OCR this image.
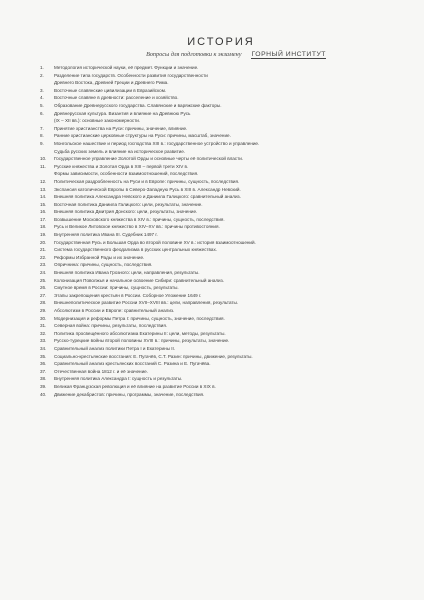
ИСТОРИЯ
Вопросы для подготовки к экзамену ГОРНЫЙ ИНСТИТУТ
1.	Методология исторической науки, её предмет. Функции и значение.
2.	Разделение типа государств. Особенности развития государственности
Древнего Востока, Древней Греции и Древнего Рима.
3.	Восточные славянские цивилизации в Евразийском.
4.	Восточные славяне в древности: расселение и хозяйство.
5.	Образование Древнерусского государства. Славянские и варяжские факторы.
6.	Древнерусская культура. Византия и влияние на Древнюю Русь
(IX – XII вв.): основные закономерности.
7.	Принятие христианства на Руси: причины, значение, влияние.
8.	Ранние христианские церковные структуры на Руси: причины, масштаб, значение.
9.	Монгольское нашествие и период господства XIII в.: государственное устройство и управление.
Судьба русских земель и влияние на историческое развитие.
10.	Государственное управление Золотой Орды и основные черты её политической власти.
11.	Русские княжества и Золотая Орда в XIII – первой трети XIV в.
Формы зависимости, особенности взаимоотношений, последствия.
12.	Политическая раздробленность на Руси и в Европе: причины, сущность, последствия.
13.	Экспансия католической Европы в Северо-Западную Русь в XIII в. Александр Невский.
14.	Внешняя политика Александра Невского и Даниила Галицкого: сравнительный анализ.
15.	Восточная политика Даниила Галицкого: цели, результаты, значение.
16.	Внешняя политика Дмитрия Донского: цели, результаты, значение.
17.	Возвышение Московского княжества в XIV в.: причины, сущность, последствия.
18.	Русь и Великое Литовское княжество в XIV–XV вв.: причины противостояния.
19.	Внутренняя политика Ивана III. Судебник 1497 г.
20.	Государственная Русь и Большая Орда во второй половине XV в.: история взаимоотношений.
21.	Система государственного феодализма в русских центральных княжествах.
22.	Реформы Избранной Рады и их значение.
23.	Опричнина: причины, сущность, последствия.
24.	Внешняя политика Ивана Грозного: цели, направления, результаты.
25.	Колонизация Поволжья и начальное освоение Сибири: сравнительный анализ.
26.	Смутное время в России: причины, сущность, результаты.
27.	Этапы закрепощения крестьян в России. Соборное Уложение 1649 г.
28.	Внешнеполитическое развитие России XVII–XVIII вв.: цели, направления, результаты.
29.	Абсолютизм в России и Европе: сравнительный анализ.
30.	Модернизация и реформы Петра I: причины, сущность, значение, последствия.
31.	Северная война: причины, результаты, последствия.
32.	Политика просвещённого абсолютизма Екатерины II: цели, методы, результаты.
33.	Русско-турецкие войны второй половины XVIII в.: причины, результаты, значение.
34.	Сравнительный анализ политики Петра I и Екатерины II.
35.	Социально-крестьянские восстания: Е. Пугачёв, С.Т. Разин: причины, движение, результаты.
36.	Сравнительный анализ крестьянских восстаний С. Разина и Е. Пугачёва.
37.	Отечественная война 1812 г. и её значение.
38.	Внутренняя политика Александра I: сущность и результаты.
39.	Великая Французская революция и её влияние на развитие России в XIX в.
40.	Движение декабристов: причины, программы, значение, последствия.
